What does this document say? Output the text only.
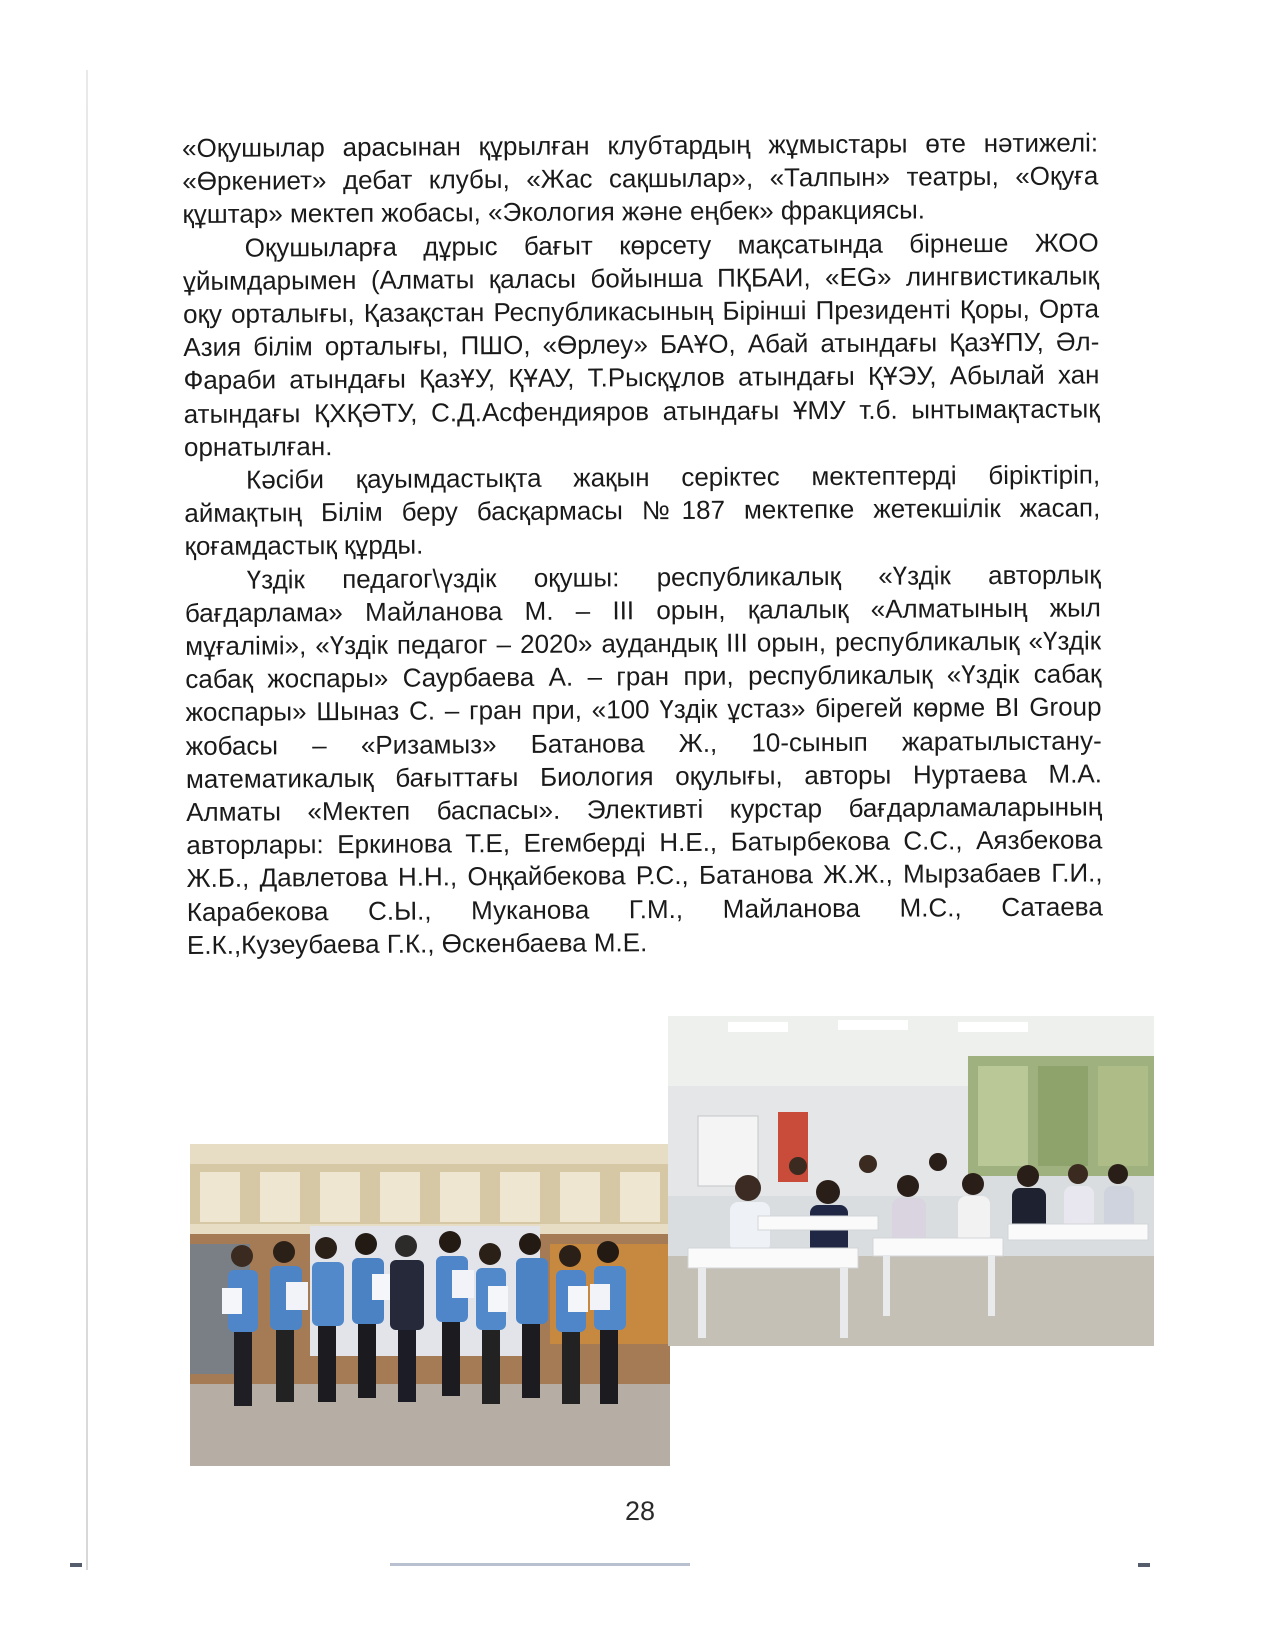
«Оқушылар арасынан құрылған клубтардың жұмыстары өте нәтижелі: «Өркениет» дебат клубы, «Жас сақшылар», «Талпын» театры, «Оқуға құштар» мектеп жобасы, «Экология және еңбек» фракциясы.

Оқушыларға дұрыс бағыт көрсету мақсатында бірнеше ЖОО ұйымдарымен (Алматы қаласы бойынша ПҚБАИ, «EG» лингвистикалық оқу орталығы, Қазақстан Республикасының Бірінші Президенті Қоры, Орта Азия білім орталығы, ПШО, «Өрлеу» БАҰО, Абай атындағы ҚазҰПУ, Әл-Фараби атындағы ҚазҰУ, ҚҰАУ, Т.Рысқұлов атындағы ҚҰЭУ, Абылай хан атындағы ҚХҚӘТУ, С.Д.Асфендияров атындағы ҰМУ т.б. ынтымақтастық орнатылған.

Кәсіби қауымдастықта жақын серіктес мектептерді біріктіріп, аймақтың Білім беру басқармасы №187 мектепке жетекшілік жасап, қоғамдастық құрды.

Үздік педагог\үздік оқушы: республикалық «Үздік авторлық бағдарлама» Майланова М. – ІІІ орын, қалалық «Алматының жыл мұғалімі», «Үздік педагог – 2020» аудандық ІІІ орын, республикалық «Үздік сабақ жоспары» Саурбаева А. – гран при, республикалық «Үздік сабақ жоспары» Шыназ С. – гран при, «100 Үздік ұстаз» бірегей көрме BI Group жобасы – «Ризамыз» Батанова Ж., 10-сынып жаратылыстану-математикалық бағыттағы Биология оқулығы, авторы Нуртаева М.А. Алматы «Мектеп баспасы». Элективті курстар бағдарламаларының авторлары: Еркинова Т.Е, Егемберді Н.Е., Батырбекова С.С., Аязбекова Ж.Б., Давлетова Н.Н., Оңқайбекова Р.С., Батанова Ж.Ж., Мырзабаев Г.И., Карабекова С.Ы., Муканова Г.М., Майланова М.С., Сатаева Е.К.,Кузеубаева Г.К., Өскенбаева М.Е.

28
